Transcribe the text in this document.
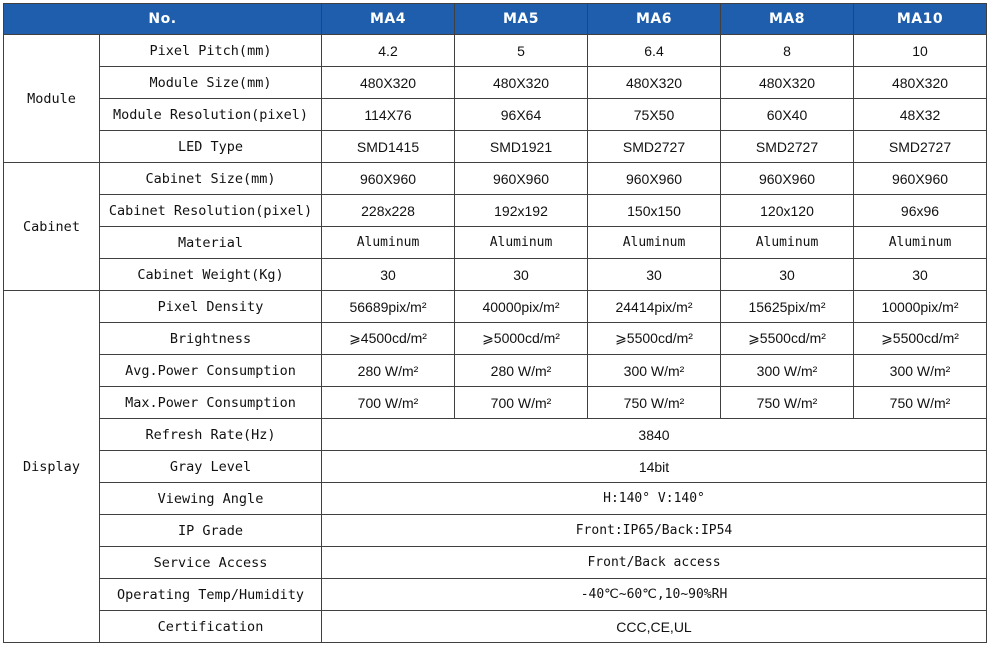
No.		MA4	MA5	MA6	MA8	MA10
Module	Pixel Pitch(mm)	4.2	5	6.4	8	10
	Module Size(mm)	480X320	480X320	480X320	480X320	480X320
	Module Resolution(pixel)	114X76	96X64	75X50	60X40	48X32
	LED Type	SMD1415	SMD1921	SMD2727	SMD2727	SMD2727
Cabinet	Cabinet Size(mm)	960X960	960X960	960X960	960X960	960X960
	Cabinet Resolution(pixel)	228x228	192x192	150x150	120x120	96x96
	Material	Aluminum	Aluminum	Aluminum	Aluminum	Aluminum
	Cabinet Weight(Kg)	30	30	30	30	30
Display	Pixel Density	56689pix/m²	40000pix/m²	24414pix/m²	15625pix/m²	10000pix/m²
	Brightness	⩾4500cd/m²	⩾5000cd/m²	⩾5500cd/m²	⩾5500cd/m²	⩾5500cd/m²
	Avg.Power Consumption	280 W/m²	280 W/m²	300 W/m²	300 W/m²	300 W/m²
	Max.Power Consumption	700 W/m²	700 W/m²	750 W/m²	750 W/m²	750 W/m²
	Refresh Rate(Hz)	3840				
	Gray Level	14bit				
	Viewing Angle	H:140° V:140°				
	IP Grade	Front:IP65/Back:IP54				
	Service Access	Front/Back access				
	Operating Temp/Humidity	-40℃~60℃,10~90%RH				
	Certification	CCC,CE,UL				
